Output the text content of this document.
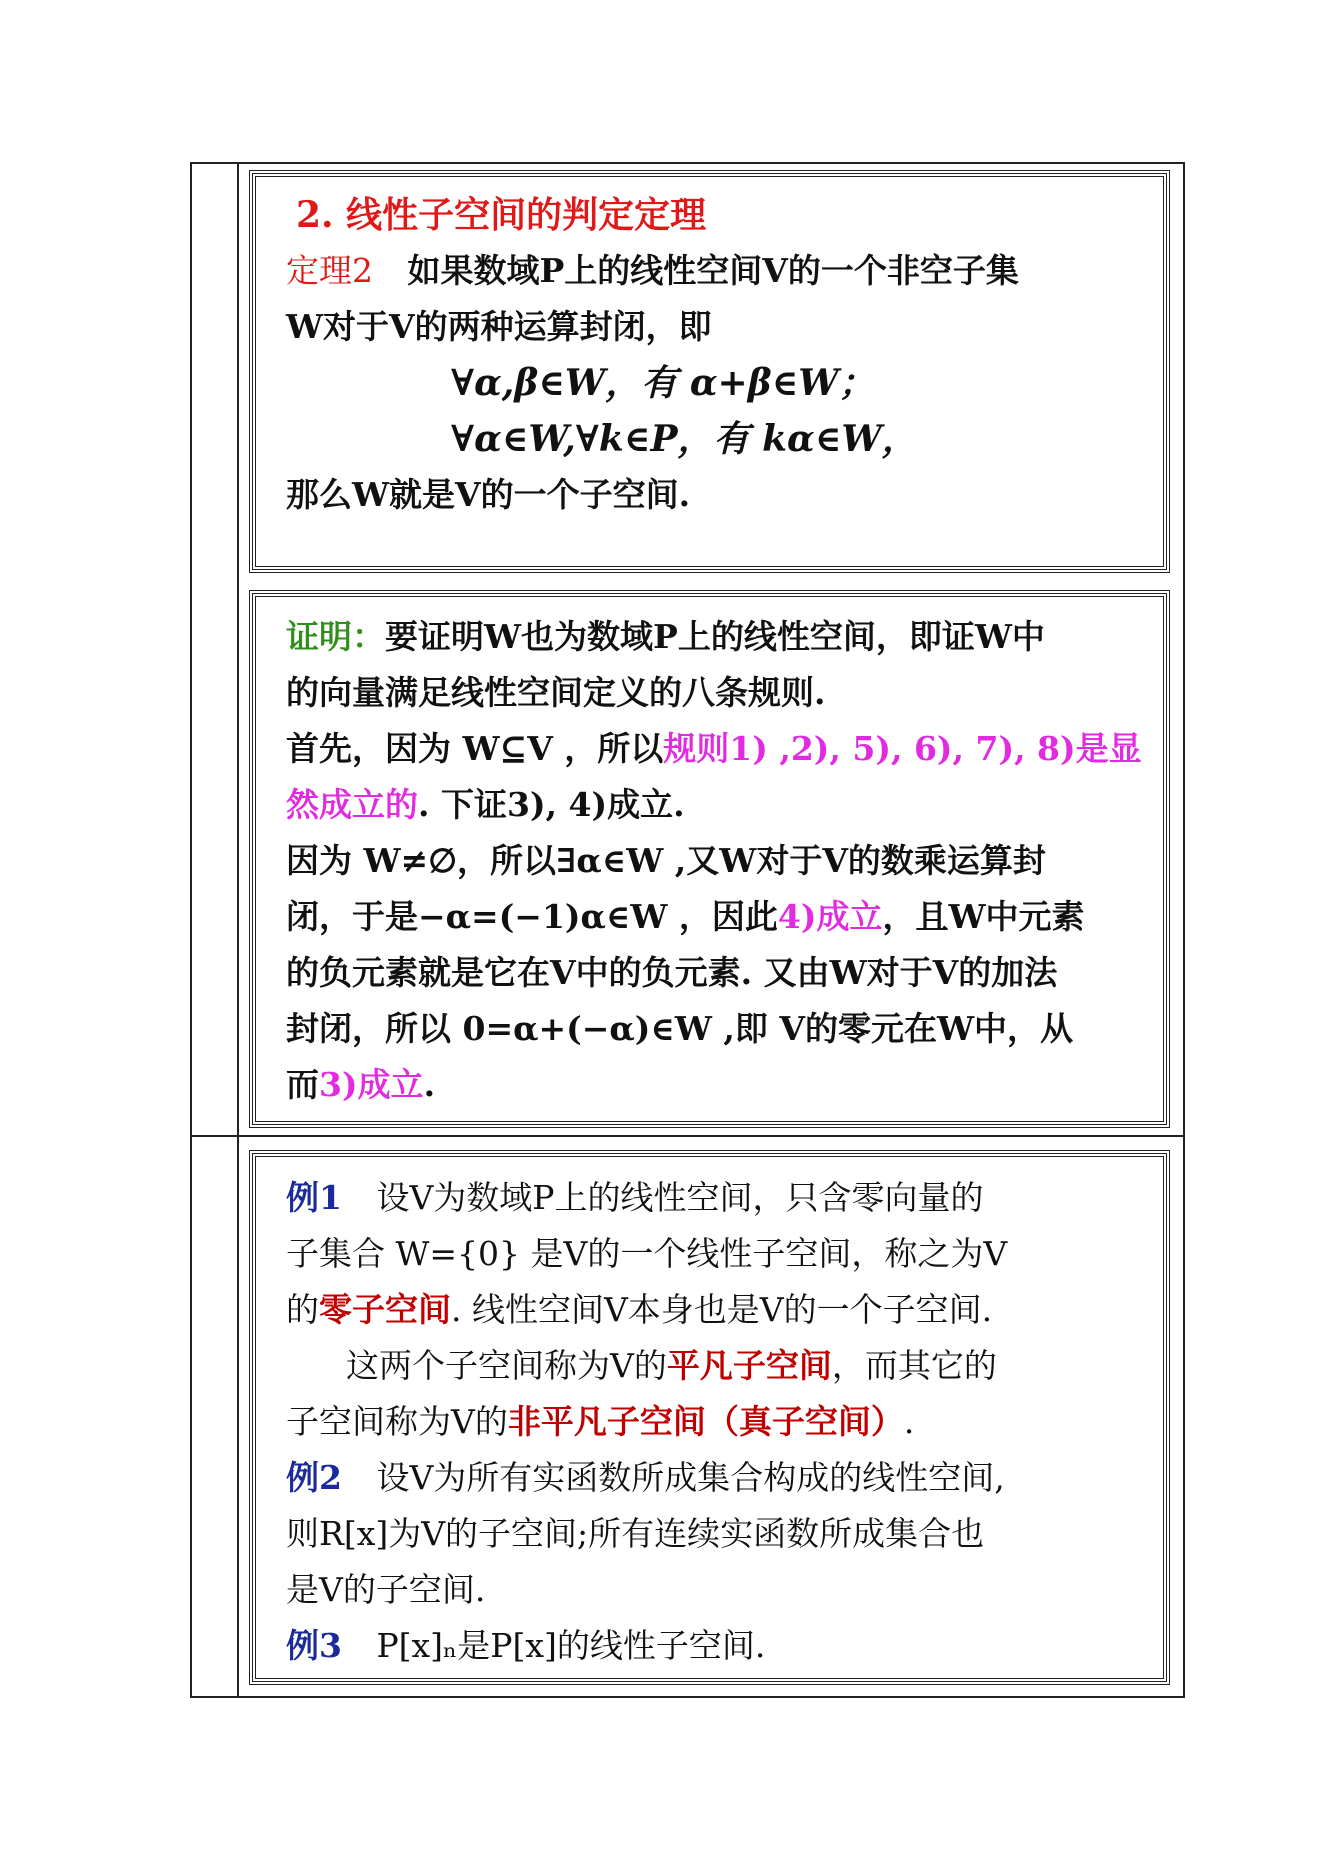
2. 线性子空间的判定定理
定理2 如果数域P上的线性空间V的一个非空子集
W对于V的两种运算封闭，即
∀α,β∈W，有 α+β∈W；
∀α∈W,∀k∈P，有 kα∈W，
那么W就是V的一个子空间.
证明：要证明W也为数域P上的线性空间，即证W中
的向量满足线性空间定义的八条规则.
首先，因为 W⊆V ，所以规则1) ,2), 5), 6), 7), 8)是显
然成立的. 下证3), 4)成立.
因为 W≠∅，所以∃α∈W ,又W对于V的数乘运算封
闭，于是−α=(−1)α∈W ，因此4)成立，且W中元素
的负元素就是它在V中的负元素. 又由W对于V的加法
封闭，所以 0=α+(−α)∈W ,即 V的零元在W中，从
而3)成立.
例1 设V为数域P上的线性空间，只含零向量的
子集合 W={0} 是V的一个线性子空间，称之为V
的零子空间. 线性空间V本身也是V的一个子空间.
这两个子空间称为V的平凡子空间，而其它的
子空间称为V的非平凡子空间（真子空间）.
例2 设V为所有实函数所成集合构成的线性空间,
则R[x]为V的子空间;所有连续实函数所成集合也
是V的子空间.
例3 P[x]ₙ是P[x]的线性子空间.
